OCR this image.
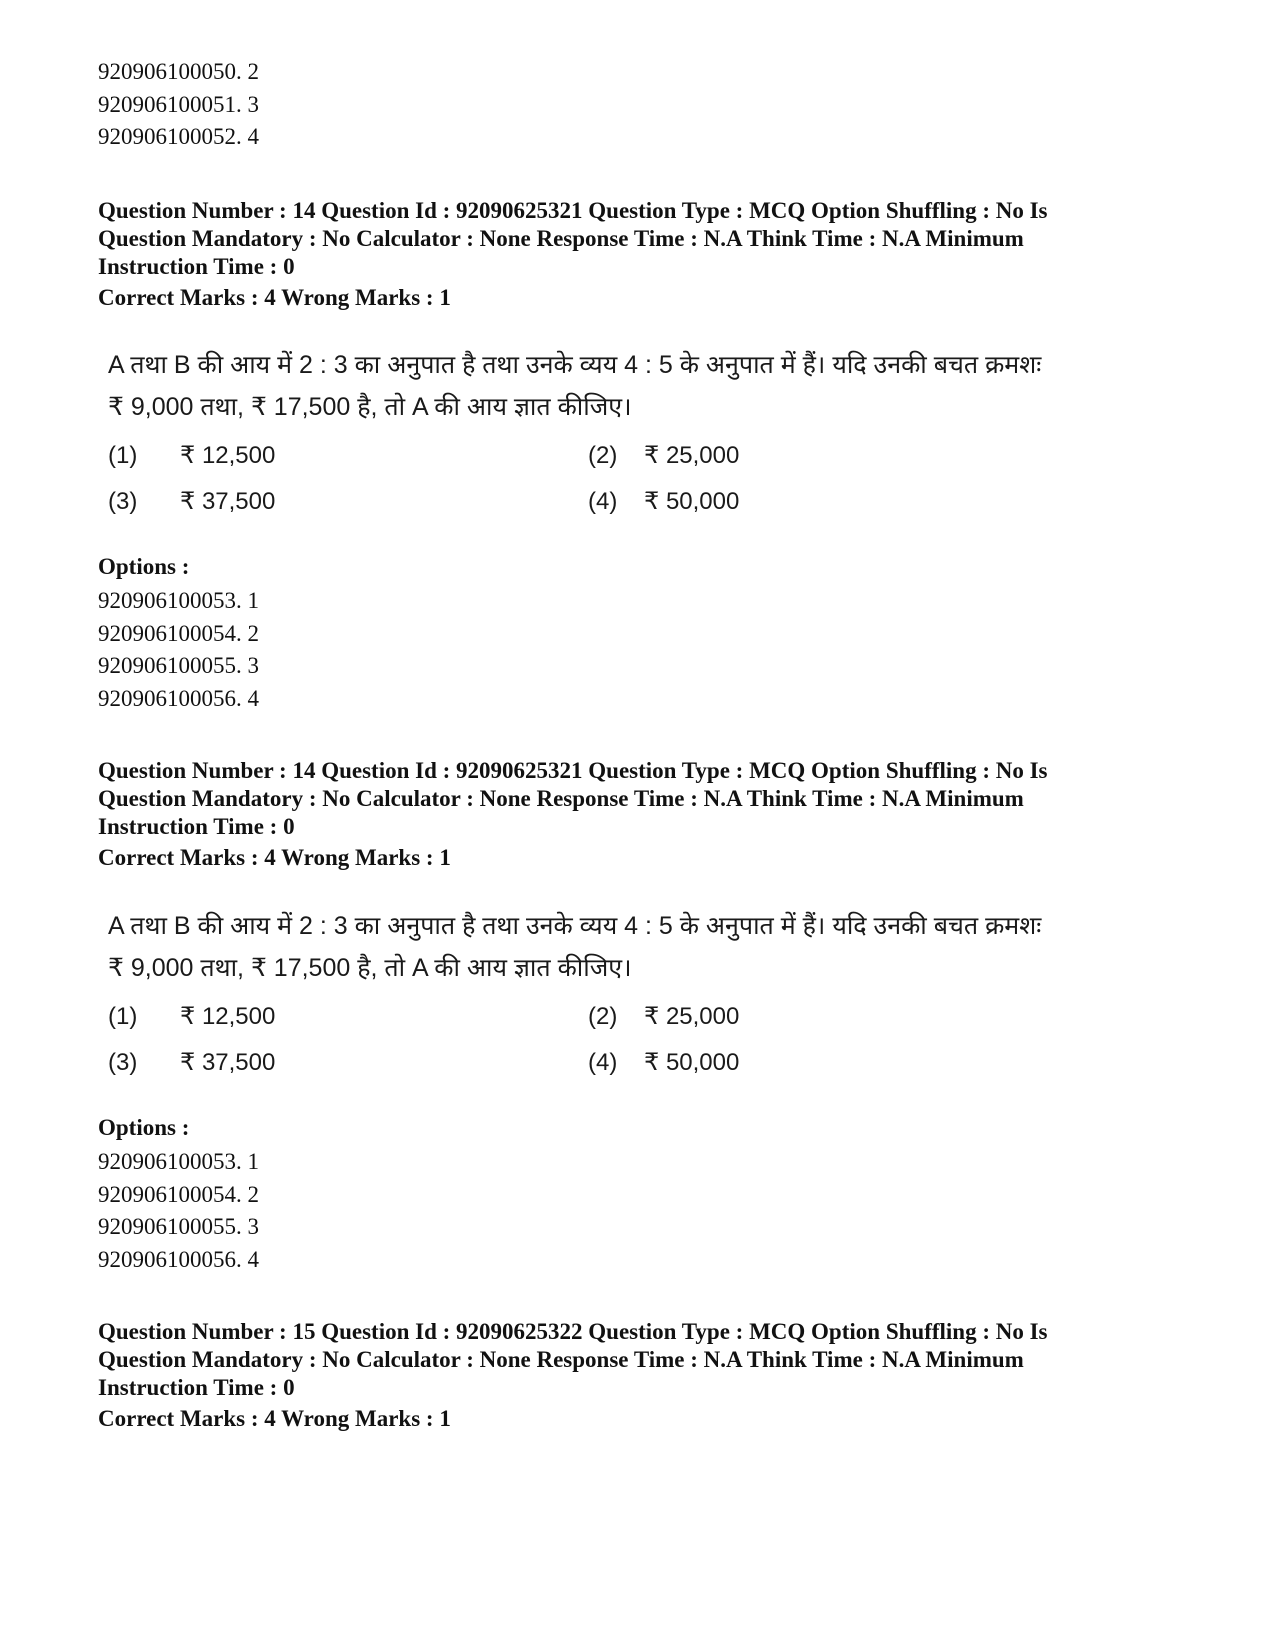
920906100050. 2
920906100051. 3
920906100052. 4
Question Number : 14 Question Id : 92090625321 Question Type : MCQ Option Shuffling : No Is
Question Mandatory : No Calculator : None Response Time : N.A Think Time : N.A Minimum
Instruction Time : 0
Correct Marks : 4 Wrong Marks : 1
A तथा B की आय में 2 : 3 का अनुपात है तथा उनके व्यय 4 : 5 के अनुपात में हैं। यदि उनकी बचत क्रमशः
₹ 9,000 तथा, ₹ 17,500 है, तो A की आय ज्ञात कीजिए।
(1) ₹ 12,500	(2) ₹ 25,000
(3) ₹ 37,500	(4) ₹ 50,000
Options :
920906100053. 1
920906100054. 2
920906100055. 3
920906100056. 4
Question Number : 14 Question Id : 92090625321 Question Type : MCQ Option Shuffling : No Is
Question Mandatory : No Calculator : None Response Time : N.A Think Time : N.A Minimum
Instruction Time : 0
Correct Marks : 4 Wrong Marks : 1
A तथा B की आय में 2 : 3 का अनुपात है तथा उनके व्यय 4 : 5 के अनुपात में हैं। यदि उनकी बचत क्रमशः
₹ 9,000 तथा, ₹ 17,500 है, तो A की आय ज्ञात कीजिए।
(1) ₹ 12,500	(2) ₹ 25,000
(3) ₹ 37,500	(4) ₹ 50,000
Options :
920906100053. 1
920906100054. 2
920906100055. 3
920906100056. 4
Question Number : 15 Question Id : 92090625322 Question Type : MCQ Option Shuffling : No Is
Question Mandatory : No Calculator : None Response Time : N.A Think Time : N.A Minimum
Instruction Time : 0
Correct Marks : 4 Wrong Marks : 1
